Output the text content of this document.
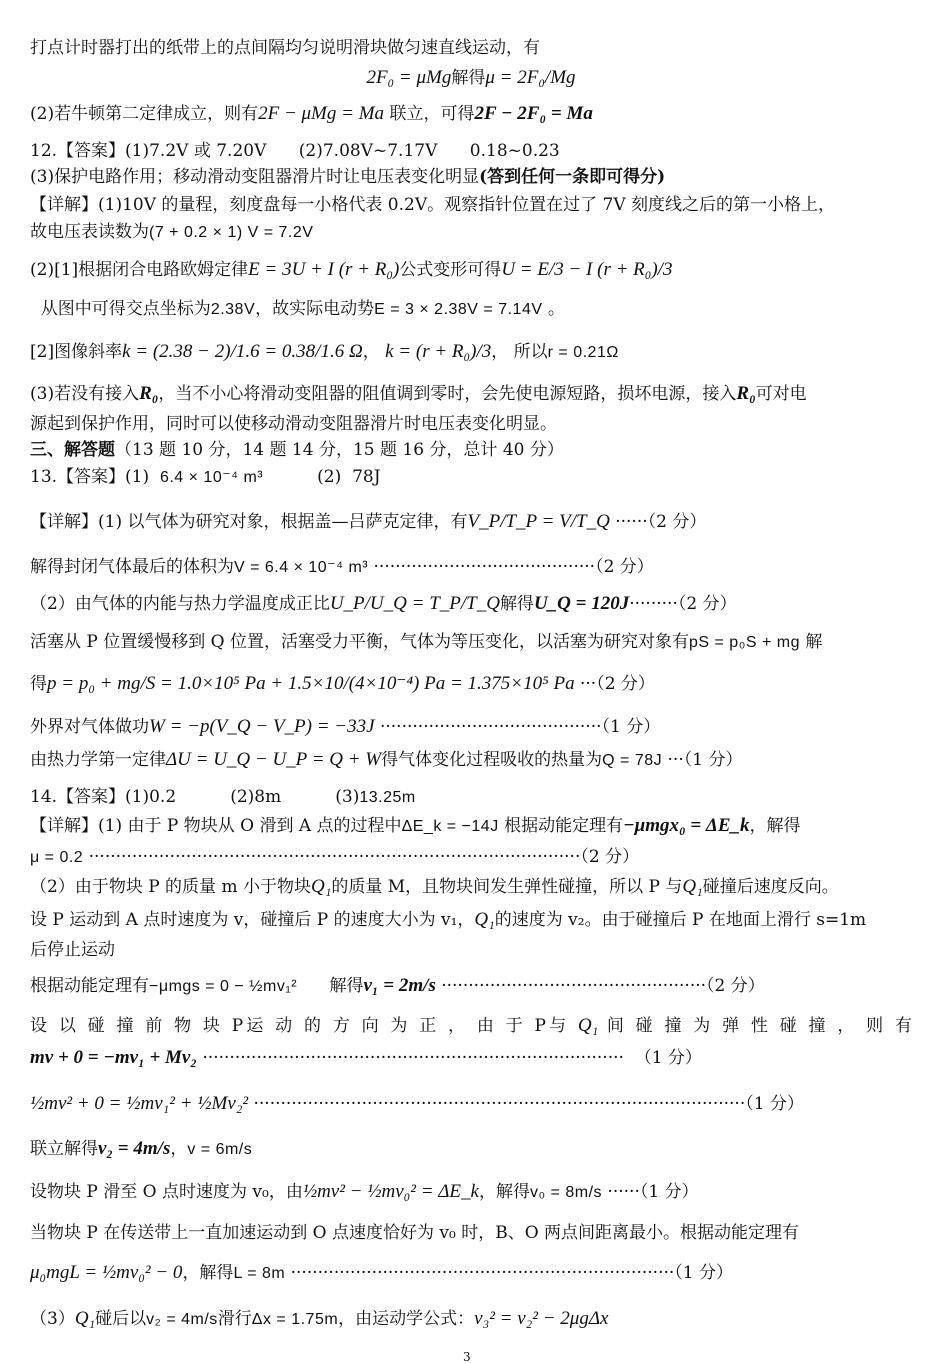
打点计时器打出的纸带上的点间隔均匀说明滑块做匀速直线运动，有
2F₀ = μMg解得μ = 2F₀/Mg
(2)若牛顿第二定律成立，则有2F − μMg = Ma 联立，可得2F − 2F₀ = Ma
12.【答案】(1)7.2V 或 7.20V      (2)7.08V~7.17V      0.18~0.23
(3)保护电路作用；移动滑动变阻器滑片时让电压表变化明显(答到任何一条即可得分)
【详解】(1)10V 的量程，刻度盘每一小格代表 0.2V。观察指针位置在过了 7V 刻度线之后的第一小格上，
故电压表读数为(7 + 0.2 × 1) V = 7.2V
(2)[1]根据闭合电路欧姆定律E = 3U + I (r + R₀)公式变形可得U = E/3 − I (r + R₀)/3
从图中可得交点坐标为2.38V，故实际电动势E = 3 × 2.38V = 7.14V 。
[2]图像斜率k = (2.38 − 2)/1.6 = 0.38/1.6 Ω， k = (r + R₀)/3， 所以r = 0.21Ω
(3)若没有接入R₀，当不小心将滑动变阻器的阻值调到零时，会先使电源短路，损坏电源，接入R₀可对电
源起到保护作用，同时可以使移动滑动变阻器滑片时电压表变化明显。
三、解答题（13 题 10 分，14 题 14 分，15 题 16 分，总计 40 分）
13.【答案】(1)  6.4 × 10⁻⁴ m³          (2)  78J
【详解】(1) 以气体为研究对象，根据盖—吕萨克定律，有V_P/T_P = V/T_Q ······（2 分）
解得封闭气体最后的体积为V = 6.4 × 10⁻⁴ m³ ·········································（2 分）
（2）由气体的内能与热力学温度成正比U_P/U_Q = T_P/T_Q解得U_Q = 120J·········（2 分）
活塞从 P 位置缓慢移到 Q 位置，活塞受力平衡，气体为等压变化，以活塞为研究对象有pS = p₀S + mg 解
得p = p₀ + mg/S = 1.0×10⁵ Pa + 1.5×10/(4×10⁻⁴) Pa = 1.375×10⁵ Pa ···（2 分）
外界对气体做功W = −p(V_Q − V_P) = −33J ·········································（1 分）
由热力学第一定律ΔU = U_Q − U_P = Q + W得气体变化过程吸收的热量为Q = 78J ···（1 分）
14.【答案】(1)0.2          (2)8m          (3)13.25m
【详解】(1) 由于 P 物块从 O 滑到 A 点的过程中ΔE_k = −14J 根据动能定理有−μmgx₀ = ΔE_k，解得
μ = 0.2 ···························································································（2 分）
（2）由于物块 P 的质量 m 小于物块Q₁的质量 M，且物块间发生弹性碰撞，所以 P 与Q₁碰撞后速度反向。
设 P 运动到 A 点时速度为 v，碰撞后 P 的速度大小为 v₁，Q₁的速度为 v₂。由于碰撞后 P 在地面上滑行 s=1m
后停止运动
根据动能定理有−μmgs = 0 − ½mv₁²      解得v₁ = 2m/s ·················································（2 分）
设 以 碰 撞 前 物 块 P运 动 的 方 向 为 正 ， 由 于 P与 Q₁ 间 碰 撞 为 弹 性 碰 撞 ， 则 有
mv + 0 = −mv₁ + Mv₂ ··············································································  （1 分）
½mv² + 0 = ½mv₁² + ½Mv₂² ···························································································（1 分）
联立解得v₂ = 4m/s，v = 6m/s
设物块 P 滑至 O 点时速度为 v₀，由½mv² − ½mv₀² = ΔE_k，解得v₀ = 8m/s ······（1 分）
当物块 P 在传送带上一直加速运动到 O 点速度恰好为 v₀ 时，B、O 两点间距离最小。根据动能定理有
μ₀mgL = ½mv₀² − 0，解得L = 8m ·······································································（1 分）
（3）Q₁碰后以v₂ = 4m/s滑行Δx = 1.75m，由运动学公式：v₃² = v₂² − 2μgΔx
3
